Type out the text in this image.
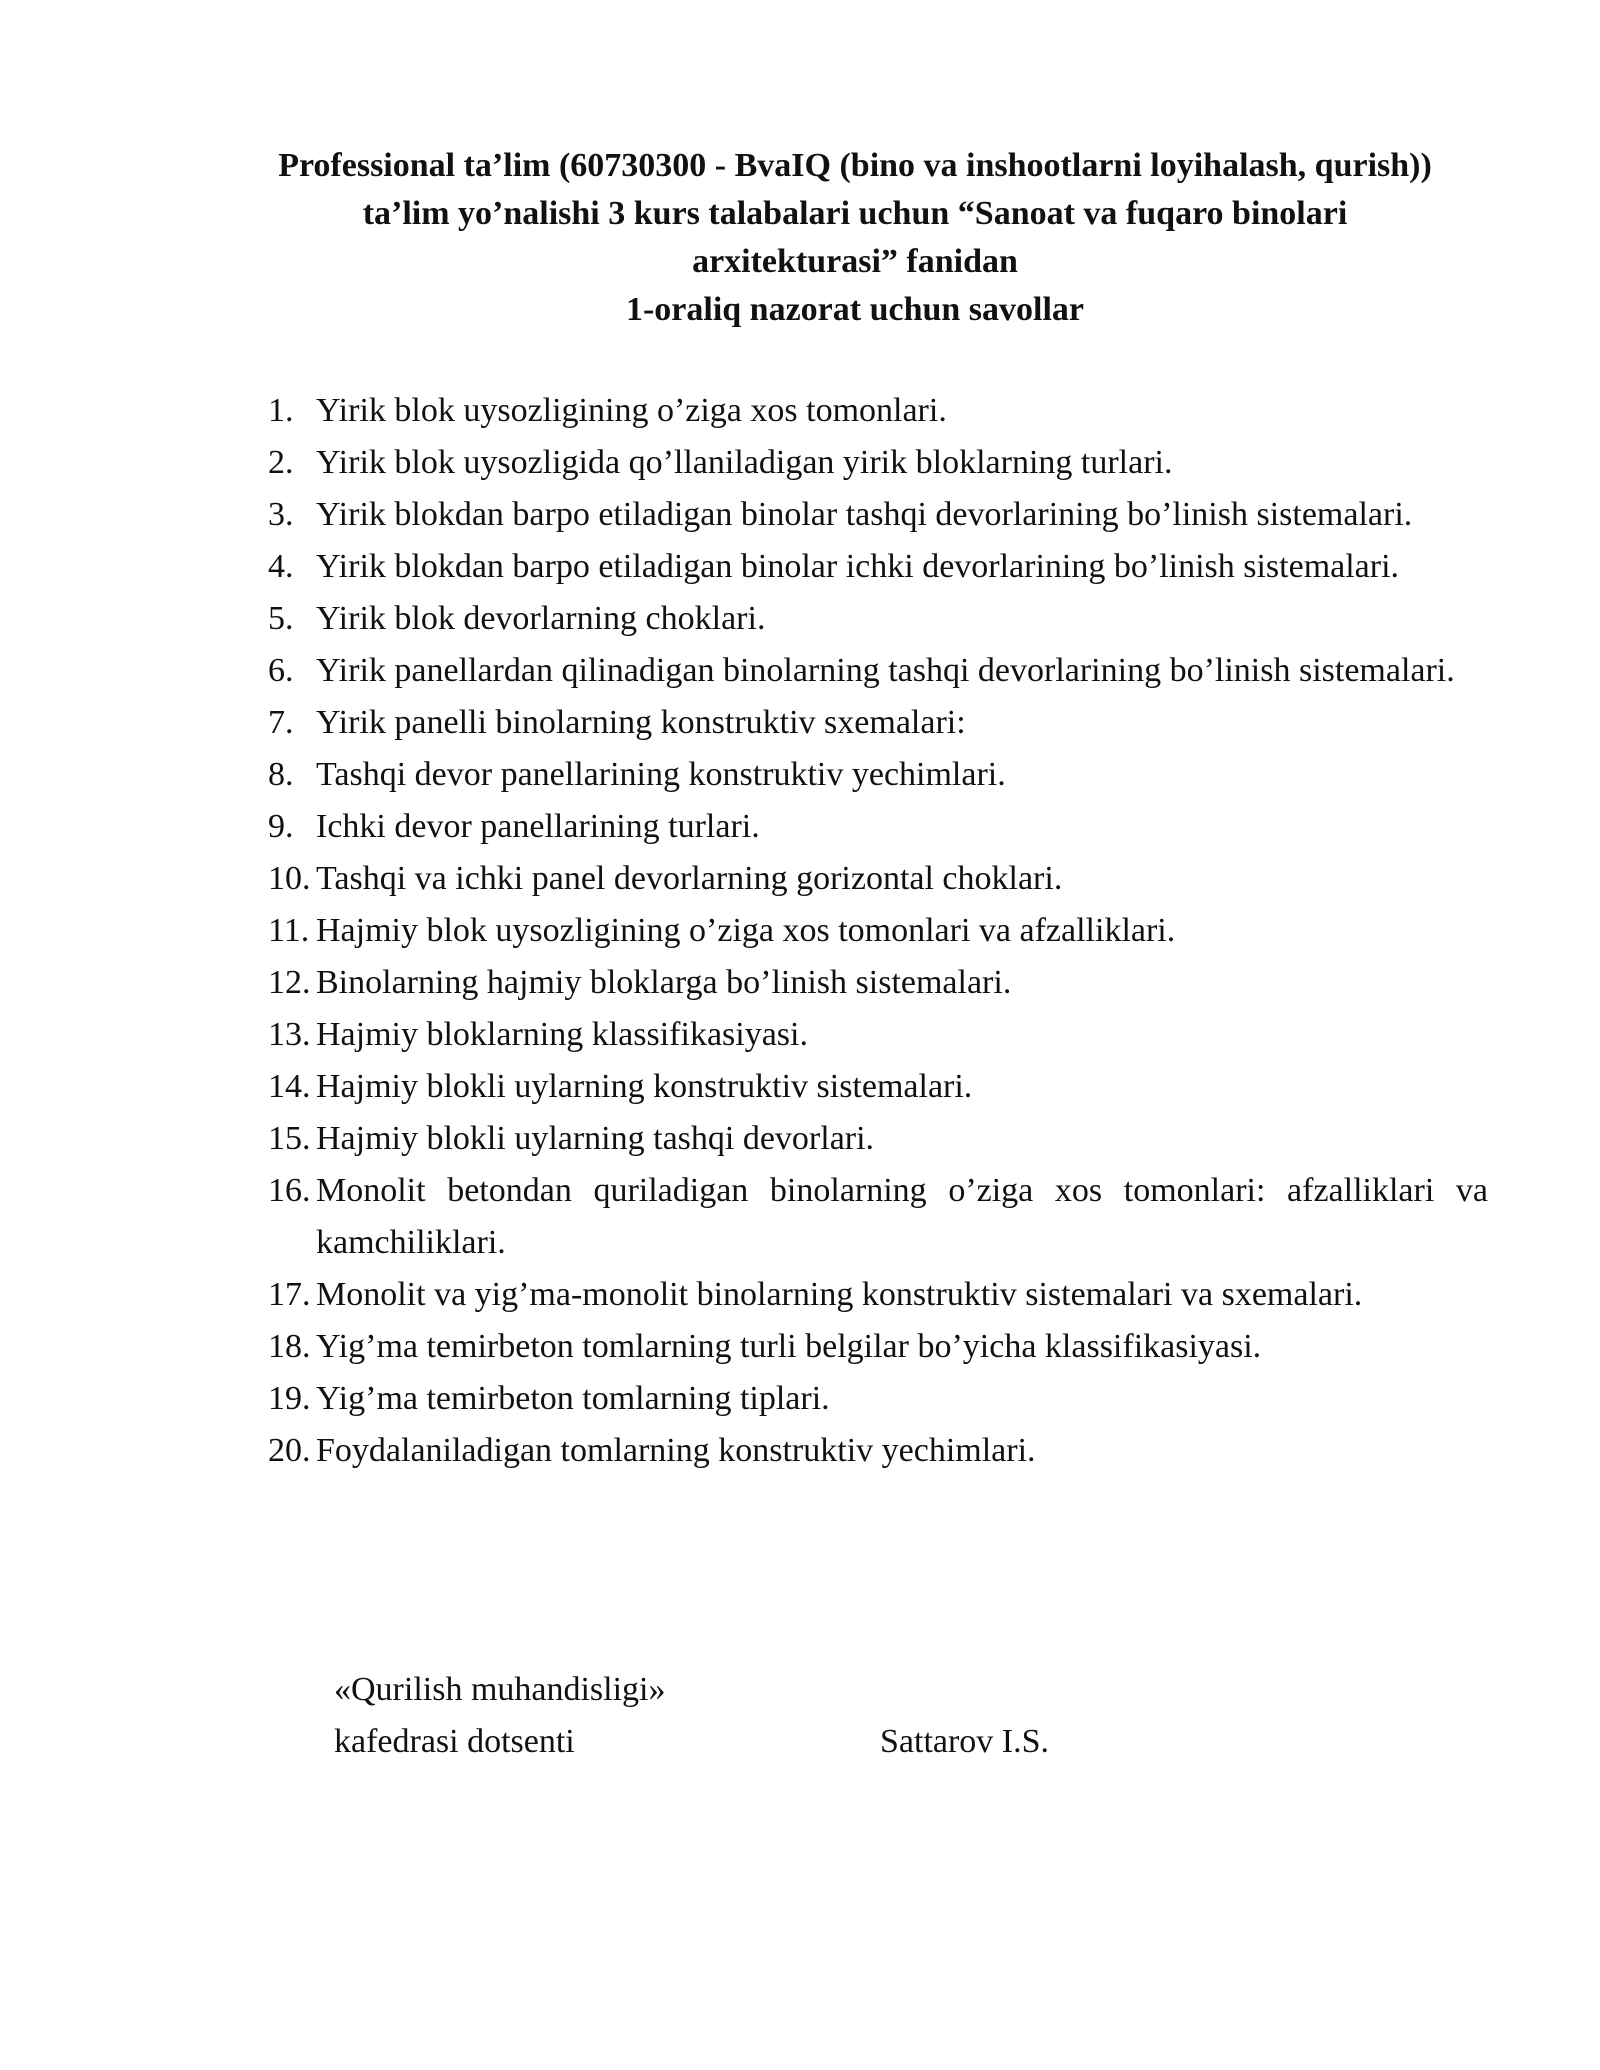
Professional ta’lim (60730300 - BvaIQ (bino va inshootlarni loyihalash, qurish))
ta’lim yo’nalishi 3 kurs talabalari uchun “Sanoat va fuqaro binolari
arxitekturasi” fanidan
1-oraliq nazorat uchun savollar
1. Yirik blok uysozligining o’ziga xos tomonlari.
2. Yirik blok uysozligida qo’llaniladigan yirik bloklarning turlari.
3. Yirik blokdan barpo etiladigan binolar tashqi devorlarining bo’linish sistemalari.
4. Yirik blokdan barpo etiladigan binolar ichki devorlarining bo’linish sistemalari.
5. Yirik blok devorlarning choklari.
6. Yirik panellardan qilinadigan binolarning tashqi devorlarining bo’linish sistemalari.
7. Yirik panelli binolarning konstruktiv sxemalari:
8. Tashqi devor panellarining konstruktiv yechimlari.
9. Ichki devor panellarining turlari.
10. Tashqi va ichki panel devorlarning gorizontal choklari.
11. Hajmiy blok uysozligining o’ziga xos tomonlari va afzalliklari.
12. Binolarning hajmiy bloklarga bo’linish sistemalari.
13. Hajmiy bloklarning klassifikasiyasi.
14. Hajmiy blokli uylarning konstruktiv sistemalari.
15. Hajmiy blokli uylarning tashqi devorlari.
16. Monolit betondan quriladigan binolarning o’ziga xos tomonlari: afzalliklari va kamchiliklari.
17. Monolit va yig’ma-monolit binolarning konstruktiv sistemalari va sxemalari.
18. Yig’ma temirbeton tomlarning turli belgilar bo’yicha klassifikasiyasi.
19. Yig’ma temirbeton tomlarning tiplari.
20. Foydalaniladigan tomlarning konstruktiv yechimlari.
«Qurilish muhandisligi»
kafedrasi dotsenti	Sattarov I.S.
